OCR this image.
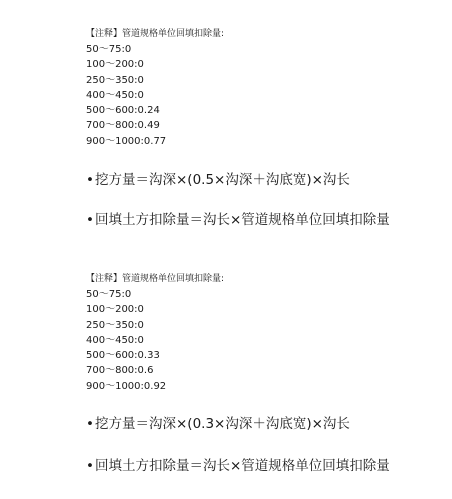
【注释】管道规格单位回填扣除量:
50～75:0
100～200:0
250～350:0
400～450:0
500～600:0.24
700～800:0.49
900～1000:0.77
•挖方量＝沟深×(0.5×沟深＋沟底宽)×沟长
•回填土方扣除量＝沟长×管道规格单位回填扣除量
【注释】管道规格单位回填扣除量:
50～75:0
100～200:0
250～350:0
400～450:0
500～600:0.33
700～800:0.6
900～1000:0.92
•挖方量＝沟深×(0.3×沟深＋沟底宽)×沟长
•回填土方扣除量＝沟长×管道规格单位回填扣除量
